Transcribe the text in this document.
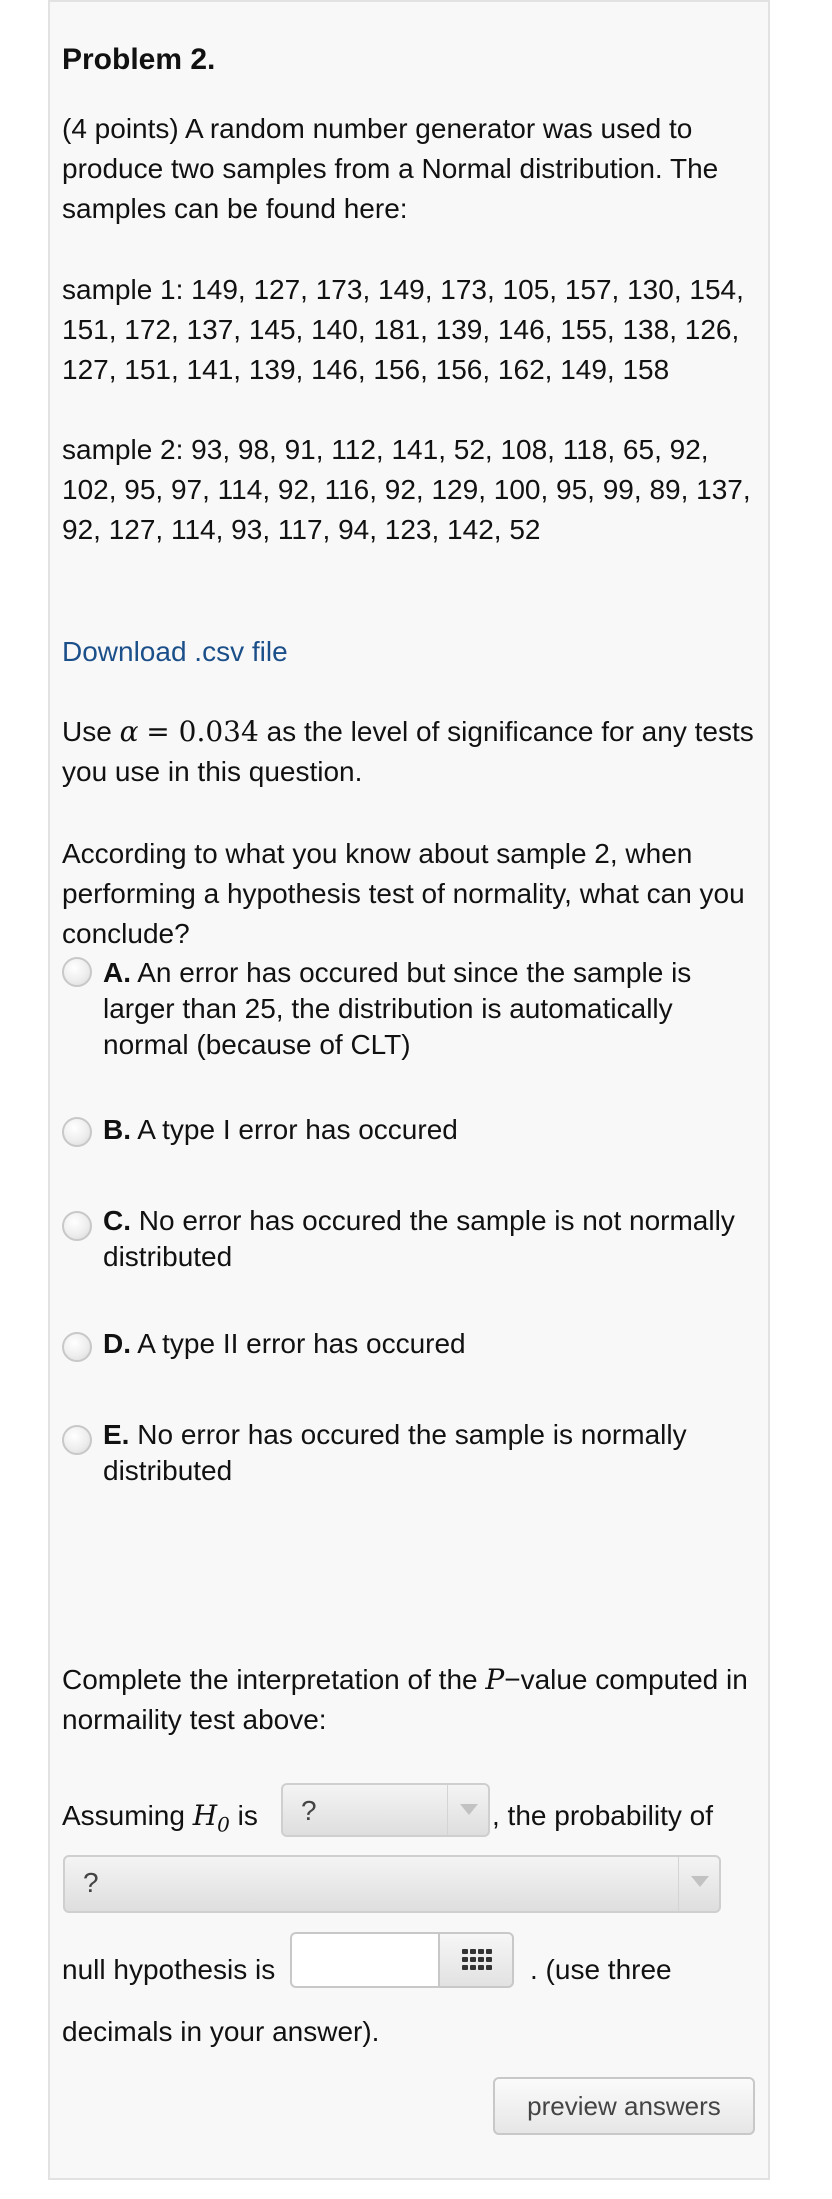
Problem 2.
(4 points) A random number generator was used to produce two samples from a Normal distribution. The samples can be found here:
sample 1: 149, 127, 173, 149, 173, 105, 157, 130, 154, 151, 172, 137, 145, 140, 181, 139, 146, 155, 138, 126, 127, 151, 141, 139, 146, 156, 156, 162, 149, 158
sample 2: 93, 98, 91, 112, 141, 52, 108, 118, 65, 92, 102, 95, 97, 114, 92, 116, 92, 129, 100, 95, 99, 89, 137, 92, 127, 114, 93, 117, 94, 123, 142, 52
Download .csv file
Use α = 0.034 as the level of significance for any tests you use in this question.
According to what you know about sample 2, when performing a hypothesis test of normality, what can you conclude?
A. An error has occured but since the sample is larger than 25, the distribution is automatically normal (because of CLT)
B. A type I error has occured
C. No error has occured the sample is not normally distributed
D. A type II error has occured
E. No error has occured the sample is normally distributed
Complete the interpretation of the P−value computed in normaility test above:
Assuming $H_0$ is	?	, the probability of
?
null hypothesis is	. (use three
decimals in your answer).
preview answers
